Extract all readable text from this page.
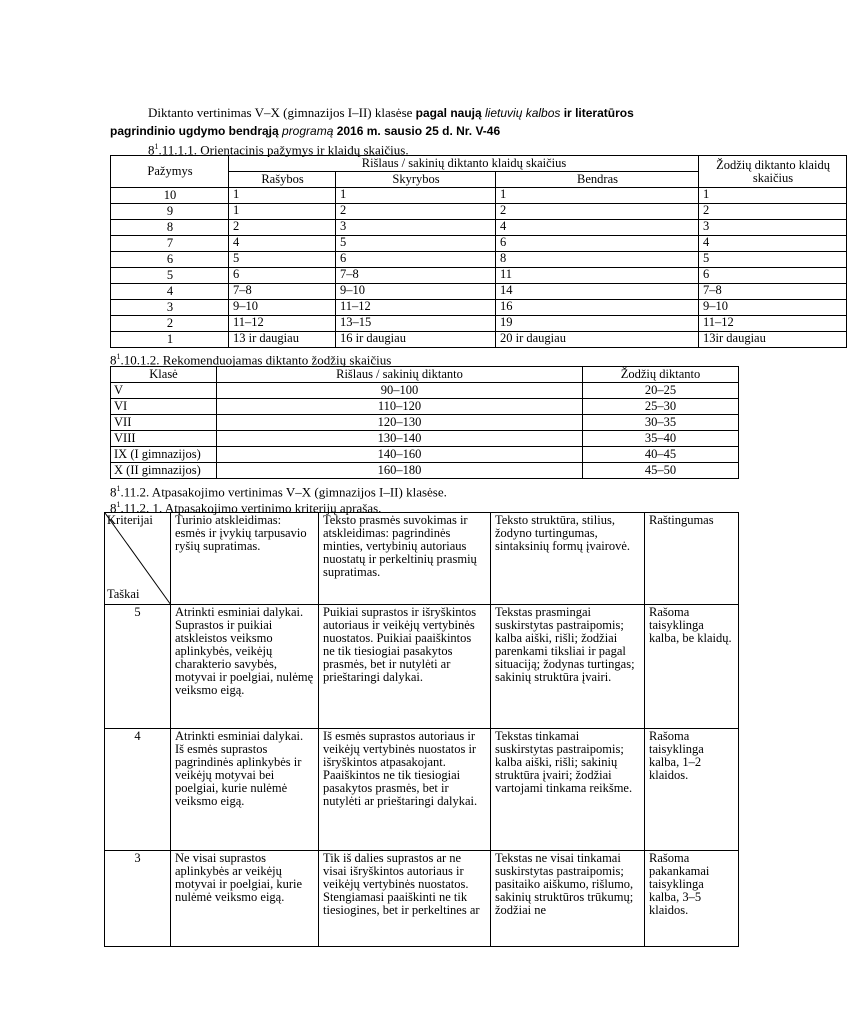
Diktanto vertinimas V–X (gimnazijos I–II) klasėse pagal naują lietuvių kalbos ir literatūros
pagrindinio ugdymo bendrąją programą 2016 m. sausio 25 d. Nr. V-46
$8^1.11.1.1$. Orientacinis pažymys ir klaidų skaičius.
Pažymys	Rišlaus / sakinių diktanto klaidų skaičius			Žodžių diktanto klaidų skaičius
	Rašybos	Skyrybos	Bendras	
10	1	1	1	1
9	1	2	2	2
8	2	3	4	3
7	4	5	6	4
6	5	6	8	5
5	6	7–8	11	6
4	7–8	9–10	14	7–8
3	9–10	11–12	16	9–10
2	11–12	13–15	19	11–12
1	13 ir daugiau	16 ir daugiau	20 ir daugiau	13ir daugiau
$8^1.10.1.2$. Rekomenduojamas diktanto žodžių skaičius
Klasė	Rišlaus / sakinių diktanto	Žodžių diktanto
V	90–100	20–25
VI	110–120	25–30
VII	120–130	30–35
VIII	130–140	35–40
IX (I gimnazijos)	140–160	40–45
X (II gimnazijos)	160–180	45–50
$8^1.11.2$. Atpasakojimo vertinimas V–X (gimnazijos I–II) klasėse.
$8^1.11.2$. 1. Atpasakojimo vertinimo kriterijų aprašas.
Kriterijai
Taškai	Turinio atskleidimas: esmės ir įvykių tarpusavio ryšių supratimas.	Teksto prasmės suvokimas ir atskleidimas: pagrindinės minties, vertybinių autoriaus nuostatų ir perkeltinių prasmių supratimas.	Teksto struktūra, stilius, žodyno turtingumas, sintaksinių formų įvairovė.	Raštingumas
5	Atrinkti esminiai dalykai. Suprastos ir puikiai atskleistos veiksmo aplinkybės, veikėjų charakterio savybės, motyvai ir poelgiai, nulėmę veiksmo eigą.	Puikiai suprastos ir išryškintos autoriaus ir veikėjų vertybinės nuostatos. Puikiai paaiškintos ne tik tiesiogiai pasakytos prasmės, bet ir nutylėti ar prieštaringi dalykai.	Tekstas prasmingai suskirstytas pastraipomis; kalba aiški, rišli; žodžiai parenkami tiksliai ir pagal situaciją; žodynas turtingas; sakinių struktūra įvairi.	Rašoma taisyklinga kalba, be klaidų.
4	Atrinkti esminiai dalykai. Iš esmės suprastos pagrindinės aplinkybės ir veikėjų motyvai bei poelgiai, kurie nulėmė veiksmo eigą.	Iš esmės suprastos autoriaus ir veikėjų vertybinės nuostatos ir išryškintos atpasakojant. Paaiškintos ne tik tiesiogiai pasakytos prasmės, bet ir nutylėti ar prieštaringi dalykai.	Tekstas tinkamai suskirstytas pastraipomis; kalba aiški, rišli; sakinių struktūra įvairi; žodžiai vartojami tinkama reikšme.	Rašoma taisyklinga kalba, 1–2 klaidos.
3	Ne visai suprastos aplinkybės ar veikėjų motyvai ir poelgiai, kurie nulėmė veiksmo eigą.	Tik iš dalies suprastos ar ne visai išryškintos autoriaus ir veikėjų vertybinės nuostatos. Stengiamasi paaiškinti ne tik tiesiogines, bet ir perkeltines ar	Tekstas ne visai tinkamai suskirstytas pastraipomis; pasitaiko aiškumo, rišlumo, sakinių struktūros trūkumų; žodžiai ne	Rašoma pakankamai taisyklinga kalba, 3–5 klaidos.
